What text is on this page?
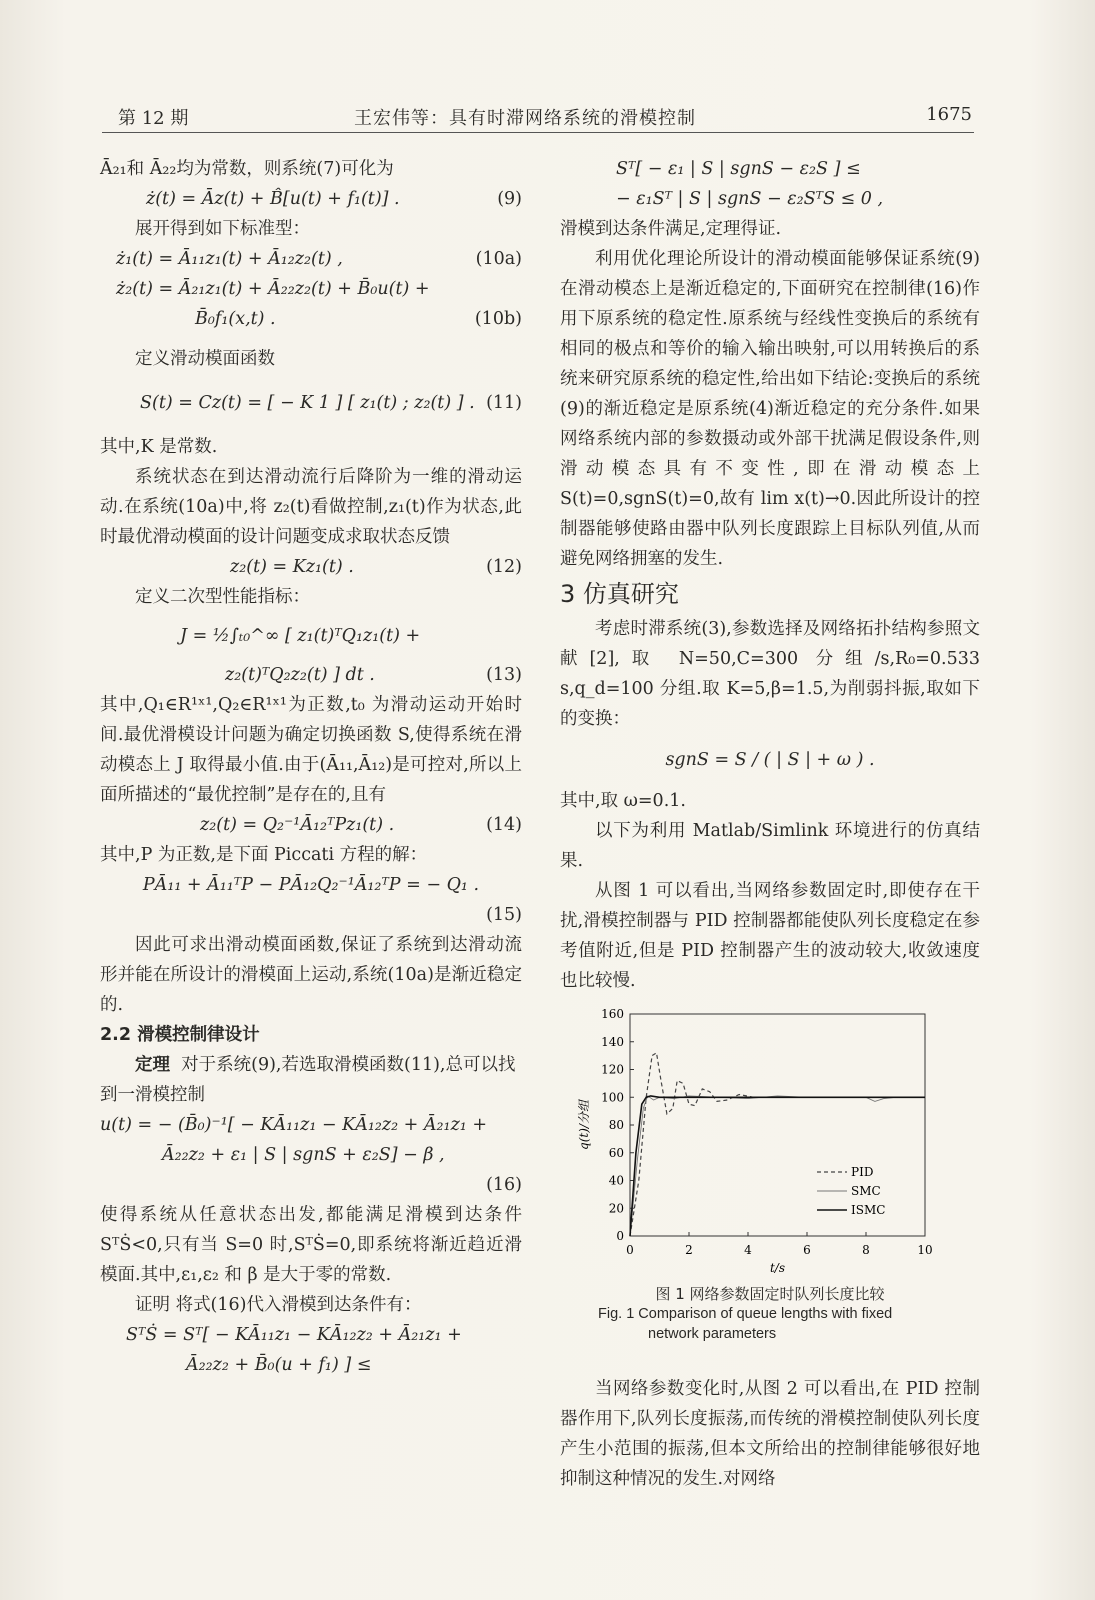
第 12 期	王宏伟等：具有时滞网络系统的滑模控制	1675

Ā₂₁和 Ā₂₂均为常数，则系统(7)可化为

ż(t) = Āz(t) + B̂[u(t) + f₁(t)] .	(9)

展开得到如下标准型：

ż₁(t) = Ā₁₁z₁(t) + Ā₁₂z₂(t) ,	(10a)
ż₂(t) = Ā₂₁z₁(t) + Ā₂₂z₂(t) + B̄₀u(t) +
B̄₀f₁(x,t) .	(10b)

定义滑动模面函数

S(t) = Cz(t) = [ − K 1 ] [ z₁(t) ; z₂(t) ] . (11)

其中,K 是常数.

系统状态在到达滑动流行后降阶为一维的滑动运动.在系统(10a)中,将 z₂(t)看做控制,z₁(t)作为状态,此时最优滑动模面的设计问题变成求取状态反馈

z₂(t) = Kz₁(t) .	(12)

定义二次型性能指标：

J = ½∫ₜ₀^∞ [ z₁(t)ᵀQ₁z₁(t) +
z₂(t)ᵀQ₂z₂(t) ] dt .	(13)

其中,Q₁∈R¹ˣ¹,Q₂∈R¹ˣ¹为正数,t₀ 为滑动运动开始时间.最优滑模设计问题为确定切换函数 S,使得系统在滑动模态上 J 取得最小值.由于(Ā₁₁,Ā₁₂)是可控对,所以上面所描述的“最优控制”是存在的,且有

z₂(t) = Q₂⁻¹Ā₁₂ᵀPz₁(t) .	(14)

其中,P 为正数,是下面 Piccati 方程的解：

PĀ₁₁ + Ā₁₁ᵀP − PĀ₁₂Q₂⁻¹Ā₁₂ᵀP = − Q₁ .
(15)

因此可求出滑动模面函数,保证了系统到达滑动流形并能在所设计的滑模面上运动,系统(10a)是渐近稳定的.

2.2 滑模控制律设计

定理 对于系统(9),若选取滑模函数(11),总可以找到一滑模控制

u(t) = − (B̄₀)⁻¹[ − KĀ₁₁z₁ − KĀ₁₂z₂ + Ā₂₁z₁ +
Ā₂₂z₂ + ε₁ | S | sgnS + ε₂S] − β ,
(16)

使得系统从任意状态出发,都能满足滑模到达条件 SᵀṠ<0,只有当 S=0 时,SᵀṠ=0,即系统将渐近趋近滑模面.其中,ε₁,ε₂ 和 β 是大于零的常数.

证明 将式(16)代入滑模到达条件有：

SᵀṠ = Sᵀ[ − KĀ₁₁z₁ − KĀ₁₂z₂ + Ā₂₁z₁ +
Ā₂₂z₂ + B̄₀(u + f₁) ] ≤
Sᵀ[ − ε₁ | S | sgnS − ε₂S ] ≤
− ε₁Sᵀ | S | sgnS − ε₂SᵀS ≤ 0 ,

滑模到达条件满足,定理得证.

利用优化理论所设计的滑动模面能够保证系统(9)在滑动模态上是渐近稳定的,下面研究在控制律(16)作用下原系统的稳定性.原系统与经线性变换后的系统有相同的极点和等价的输入输出映射,可以用转换后的系统来研究原系统的稳定性,给出如下结论:变换后的系统(9)的渐近稳定是原系统(4)渐近稳定的充分条件.如果网络系统内部的参数摄动或外部干扰满足假设条件,则滑动模态具有不变性,即在滑动模态上 S(t)=0,sgnS(t)=0,故有 lim x(t)→0.因此所设计的控制器能够使路由器中队列长度跟踪上目标队列值,从而避免网络拥塞的发生.

3 仿真研究

考虑时滞系统(3),参数选择及网络拓扑结构参照文献[2],取 N=50,C=300 分组/s,R₀=0.533 s,q_d=100 分组.取 K=5,β=1.5,为削弱抖振,取如下的变换：

sgnS = S / ( | S | + ω ) .

其中,取 ω=0.1.

以下为利用 Matlab/Simlink 环境进行的仿真结果.

从图 1 可以看出,当网络参数固定时,即使存在干扰,滑模控制器与 PID 控制器都能使队列长度稳定在参考值附近,但是 PID 控制器产生的波动较大,收敛速度也比较慢.

0
20
40
60
80
100
120
140
160
0	2	4	6	8	10
t/s
q(t)/分组
PID
SMC
ISMC
图 1 网络参数固定时队列长度比较
Fig. 1 Comparison of queue lengths with fixed
network parameters

当网络参数变化时,从图 2 可以看出,在 PID 控制器作用下,队列长度振荡,而传统的滑模控制使队列长度产生小范围的振荡,但本文所给出的控制律能够很好地抑制这种情况的发生.对网络
